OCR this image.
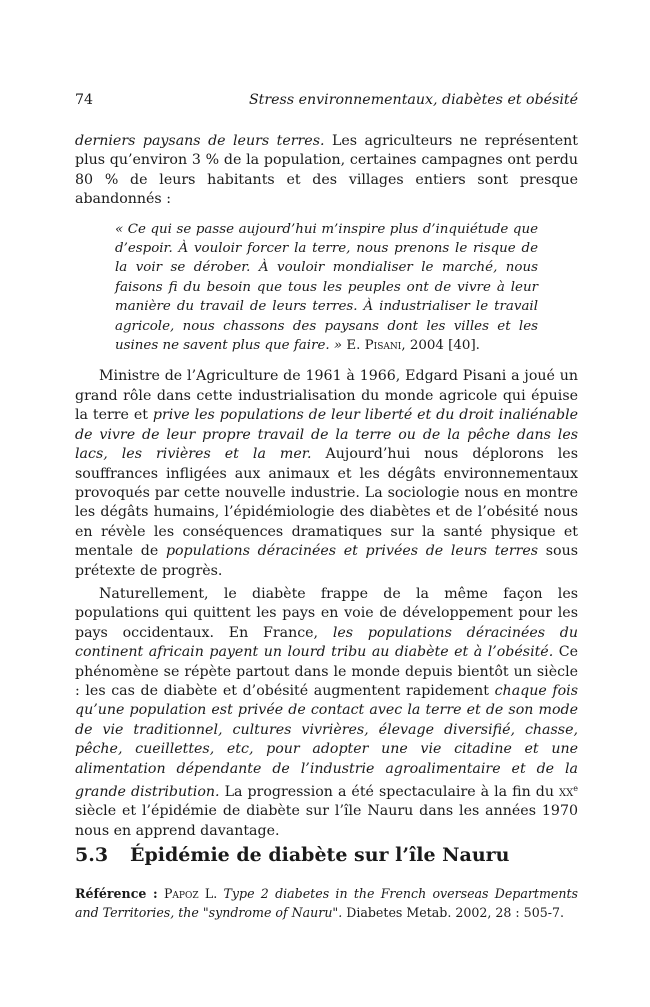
74	Stress environnementaux, diabètes et obésité

derniers paysans de leurs terres. Les agriculteurs ne représentent plus qu’environ 3 % de la population, certaines campagnes ont perdu 80 % de leurs habitants et des villages entiers sont presque abandonnés :

« Ce qui se passe aujourd’hui m’inspire plus d’inquiétude que d’espoir. À vouloir forcer la terre, nous prenons le risque de la voir se dérober. À vouloir mondialiser le marché, nous faisons fi du besoin que tous les peuples ont de vivre à leur manière du travail de leurs terres. À industrialiser le travail agricole, nous chassons des paysans dont les villes et les usines ne savent plus que faire. » E. Pisani, 2004 [40].

Ministre de l’Agriculture de 1961 à 1966, Edgard Pisani a joué un grand rôle dans cette industrialisation du monde agricole qui épuise la terre et prive les populations de leur liberté et du droit inaliénable de vivre de leur propre travail de la terre ou de la pêche dans les lacs, les rivières et la mer. Aujourd’hui nous déplorons les souffrances infligées aux animaux et les dégâts environnementaux provoqués par cette nouvelle industrie. La sociologie nous en montre les dégâts humains, l’épidémiologie des diabètes et de l’obésité nous en révèle les conséquences dramatiques sur la santé physique et mentale de populations déracinées et privées de leurs terres sous prétexte de progrès.

Naturellement, le diabète frappe de la même façon les populations qui quittent les pays en voie de développement pour les pays occidentaux. En France, les populations déracinées du continent africain payent un lourd tribu au diabète et à l’obésité. Ce phénomène se répète partout dans le monde depuis bientôt un siècle : les cas de diabète et d’obésité augmentent rapidement chaque fois qu’une population est privée de contact avec la terre et de son mode de vie traditionnel, cultures vivrières, élevage diversifié, chasse, pêche, cueillettes, etc, pour adopter une vie citadine et une alimentation dépendante de l’industrie agroalimentaire et de la grande distribution. La progression a été spectaculaire à la fin du $xx^e$ siècle et l’épidémie de diabète sur l’île Nauru dans les années 1970 nous en apprend davantage.

5.3 Épidémie de diabète sur l’île Nauru
Référence : Papoz L. Type 2 diabetes in the French overseas Departments and Territories, the "syndrome of Nauru". Diabetes Metab. 2002, 28 : 505-7.
